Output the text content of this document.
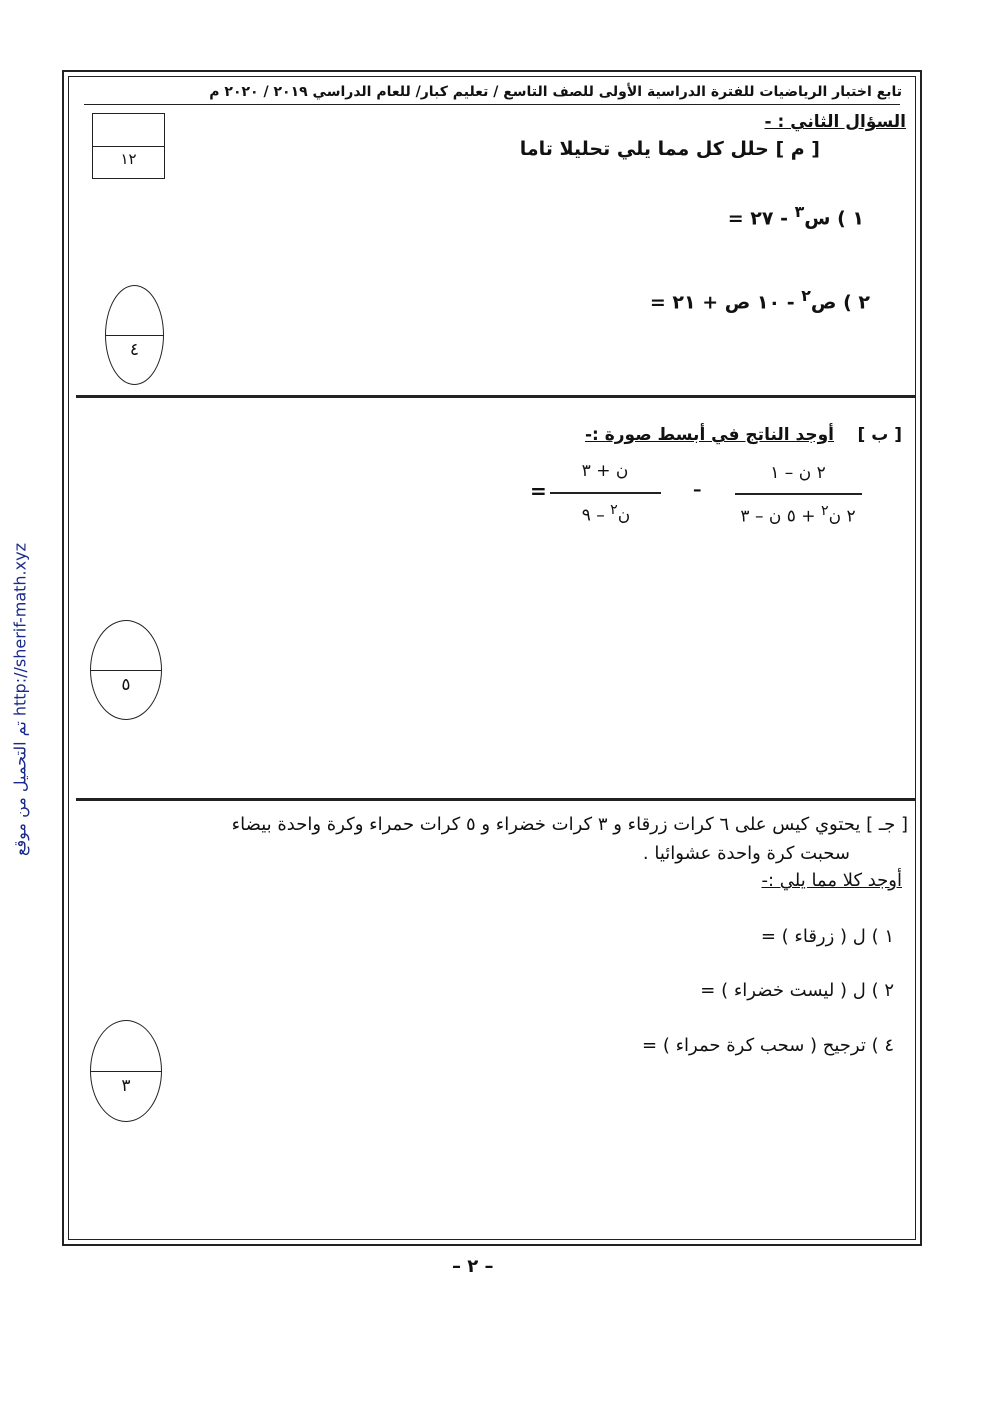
تابع اختبار الرياضيات للفترة الدراسية الأولى للصف التاسع / تعليم كبار/ للعام الدراسي ٢٠١٩ / ٢٠٢٠ م
السؤال الثاني : -
١٢	[ م ] حلل كل مما يلي تحليلا تاما
١ ) س$^٣$ - ٢٧ =
٢ ) ص$^٢$ - ١٠ ص + ٢١ =
٤
[ ب ]
أوجد الناتج في أبسط صورة :-
٢ ن – ١
٢ ن$^٢$ + ٥ ن – ٣
–
ن + ٣
ن$^٢$ – ٩
=
٥
[ جـ ] يحتوي كيس على ٦ كرات زرقاء و ٣ كرات خضراء و ٥ كرات حمراء وكرة واحدة بيضاء
سحبت كرة واحدة عشوائيا .
أوجد كلا مما يلي :-
١ ) ل ( زرقاء ) =
٢ ) ل ( ليست خضراء ) =
٤ ) ترجيح ( سحب كرة حمراء ) =
٣
تم التحميل من موقع http://sherif-math.xyz
– ٢ –
